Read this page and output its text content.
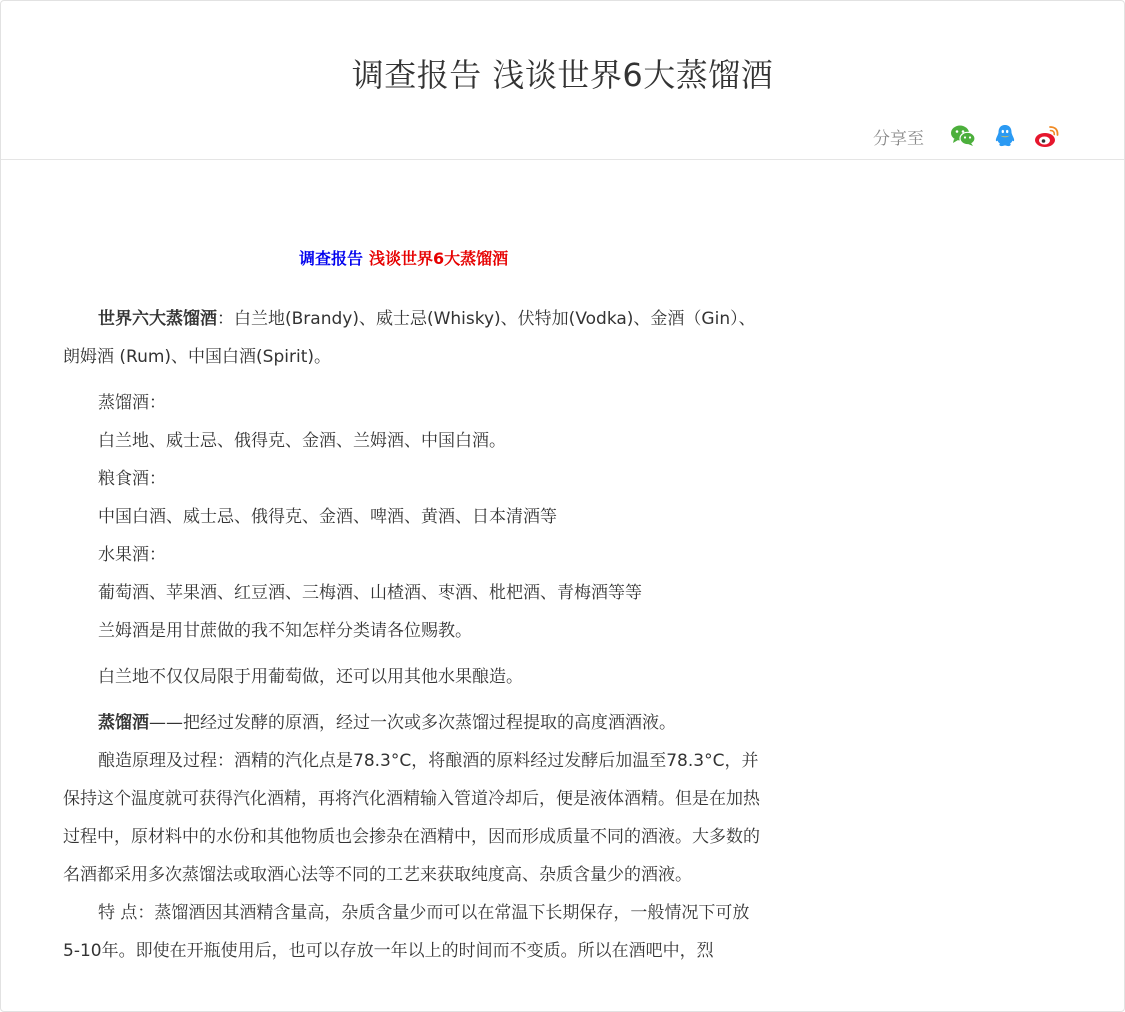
调查报告 浅谈世界6大蒸馏酒
分享至

调查报告 浅谈世界6大蒸馏酒

世界六大蒸馏酒：白兰地(Brandy)、威士忌(Whisky)、伏特加(Vodka)、金酒（Gin）、朗姆酒 (Rum)、中国白酒(Spirit)。

蒸馏酒：

白兰地、威士忌、俄得克、金酒、兰姆酒、中国白酒。

粮食酒：

中国白酒、威士忌、俄得克、金酒、啤酒、黄酒、日本清酒等

水果酒：

葡萄酒、苹果酒、红豆酒、三梅酒、山楂酒、枣酒、枇杷酒、青梅酒等等

兰姆酒是用甘蔗做的我不知怎样分类请各位赐教。

白兰地不仅仅局限于用葡萄做，还可以用其他水果酿造。

蒸馏酒——把经过发酵的原酒，经过一次或多次蒸馏过程提取的高度酒酒液。

酿造原理及过程：酒精的汽化点是78.3°C，将酿酒的原料经过发酵后加温至78.3°C，并保持这个温度就可获得汽化酒精，再将汽化酒精输入管道冷却后，便是液体酒精。但是在加热过程中，原材料中的水份和其他物质也会掺杂在酒精中，因而形成质量不同的酒液。大多数的名酒都采用多次蒸馏法或取酒心法等不同的工艺来获取纯度高、杂质含量少的酒液。

特 点：蒸馏酒因其酒精含量高，杂质含量少而可以在常温下长期保存，一般情况下可放5-10年。即使在开瓶使用后，也可以存放一年以上的时间而不变质。所以在酒吧中，烈
